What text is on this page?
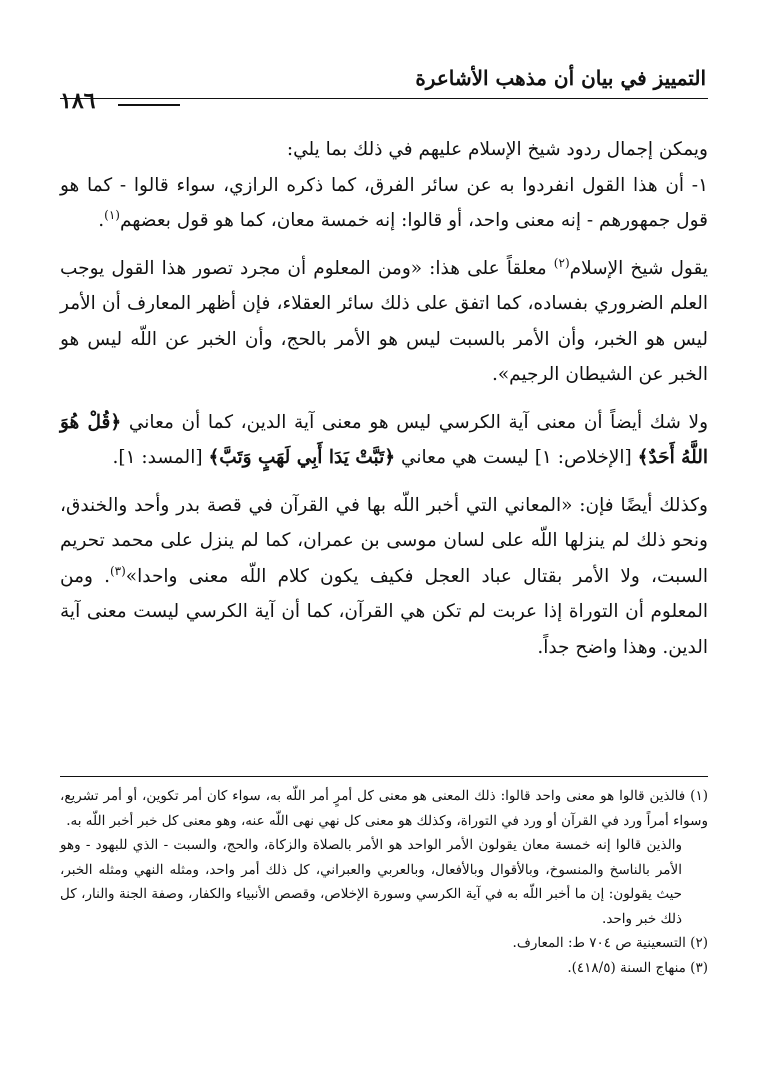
التمييز في بيان أن مذهب الأشاعرة
١٨٦

ويمكن إجمال ردود شيخ الإسلام عليهم في ذلك بما يلي:

١- أن هذا القول انفردوا به عن سائر الفرق، كما ذكره الرازي، سواء قالوا - كما هو قول جمهورهم - إنه معنى واحد، أو قالوا: إنه خمسة معان، كما هو قول بعضهم$^{(١)}$.

يقول شيخ الإسلام$^{(٢)}$ معلقاً على هذا: «ومن المعلوم أن مجرد تصور هذا القول يوجب العلم الضروري بفساده، كما اتفق على ذلك سائر العقلاء، فإن أظهر المعارف أن الأمر ليس هو الخبر، وأن الأمر بالسبت ليس هو الأمر بالحج، وأن الخبر عن اللّه ليس هو الخبر عن الشيطان الرجيم».

ولا شك أيضاً أن معنى آية الكرسي ليس هو معنى آية الدين، كما أن معاني ﴿قُلْ هُوَ اللَّهُ أَحَدٌ﴾ [الإخلاص: ١] ليست هي معاني ﴿تَبَّتْ يَدَا أَبِي لَهَبٍ وَتَبَّ﴾ [المسد: ١].

وكذلك أيضًا فإن: «المعاني التي أخبر اللّه بها في القرآن في قصة بدر وأحد والخندق، ونحو ذلك لم ينزلها اللّه على لسان موسى بن عمران، كما لم ينزل على محمد تحريم السبت، ولا الأمر بقتال عباد العجل فكيف يكون كلام اللّه معنى واحدا»$^{(٣)}$. ومن المعلوم أن التوراة إذا عربت لم تكن هي القرآن، كما أن آية الكرسي ليست معنى آية الدين. وهذا واضح جداً.

(١) فالذين قالوا هو معنى واحد قالوا: ذلك المعنى هو معنى كل أمرٍ أمر اللّه به، سواء كان أمر تكوين، أو أمر تشريع، وسواء أمراً ورد في القرآن أو ورد في التوراة، وكذلك هو معنى كل نهي نهى اللّه عنه، وهو معنى كل خبر أخبر اللّه به.

والذين قالوا إنه خمسة معان يقولون الأمر الواحد هو الأمر بالصلاة والزكاة، والحج، والسبت - الذي للبهود - وهو الأمر بالناسخ والمنسوخ، وبالأقوال وبالأفعال، وبالعربي والعبراني، كل ذلك أمر واحد، ومثله النهي ومثله الخبر، حيث يقولون: إن ما أخبر اللّه به في آية الكرسي وسورة الإخلاص، وقصص الأنبياء والكفار، وصفة الجنة والنار، كل ذلك خبر واحد.

(٢) التسعينية ص ٧٠٤ ط: المعارف.

(٣) منهاج السنة (٤١٨/٥).
